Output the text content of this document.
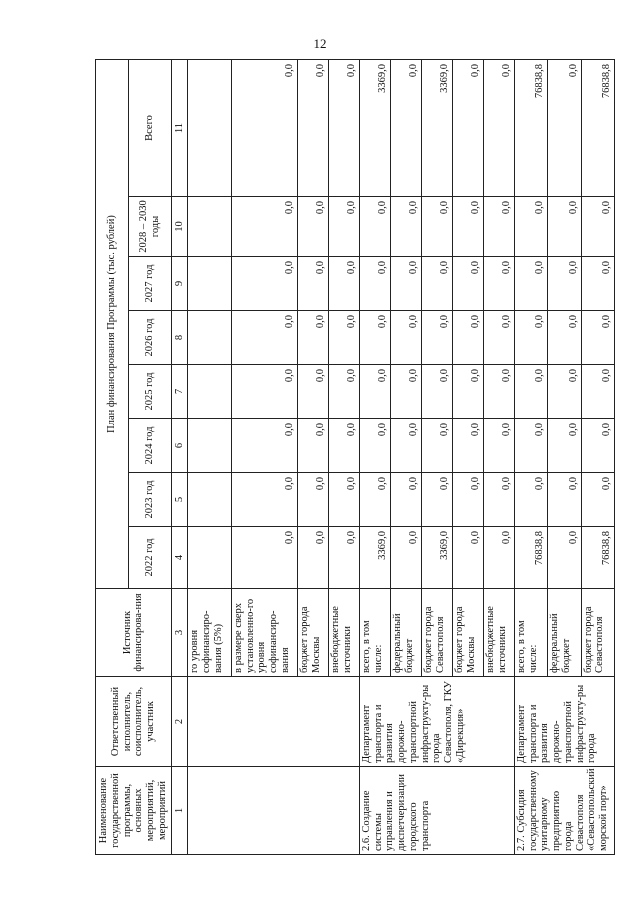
12
Наименование государственной программы, основных мероприятий, мероприятий	Ответственный исполнитель, соисполнитель, участник	Источник финансирова-ния	План финансирования Программы (тыс. рублей)							
			2022 год	2023 год	2024 год	2025 год	2026 год	2027 год	2028 – 2030 годы	Всего
1	2	3	4	5	6	7	8	9	10	11
		го уровня софинансиро-вания (5%)								
		в размере сверх установленно-го уровня софинансиро-вания	0,0	0,0	0,0	0,0	0,0	0,0	0,0	0,0
		бюджет города Москвы	0,0	0,0	0,0	0,0	0,0	0,0	0,0	0,0
		внебюджетные источники	0,0	0,0	0,0	0,0	0,0	0,0	0,0	0,0
2.6. Создание системы управления и диспетчеризации городского транспорта	Департамент транспорта и развития дорожно-транспортной инфраструкту-ры города Севастополя, ГКУ «Дирекция»	всего, в том числе:	3369,0	0,0	0,0	0,0	0,0	0,0	0,0	3369,0
		федеральный бюджет	0,0	0,0	0,0	0,0	0,0	0,0	0,0	0,0
		бюджет города Севастополя	3369,0	0,0	0,0	0,0	0,0	0,0	0,0	3369,0
		бюджет города Москвы	0,0	0,0	0,0	0,0	0,0	0,0	0,0	0,0
		внебюджетные источники	0,0	0,0	0,0	0,0	0,0	0,0	0,0	0,0
2.7. Субсидия государственному унитарному предприятию города Севастополя «Севастопольский морской порт»	Департамент транспорта и развития дорожно-транспортной инфраструкту-ры города	всего, в том числе:	76838,8	0,0	0,0	0,0	0,0	0,0	0,0	76838,8
		федеральный бюджет	0,0	0,0	0,0	0,0	0,0	0,0	0,0	0,0
		бюджет города Севастополя	76838,8	0,0	0,0	0,0	0,0	0,0	0,0	76838,8
